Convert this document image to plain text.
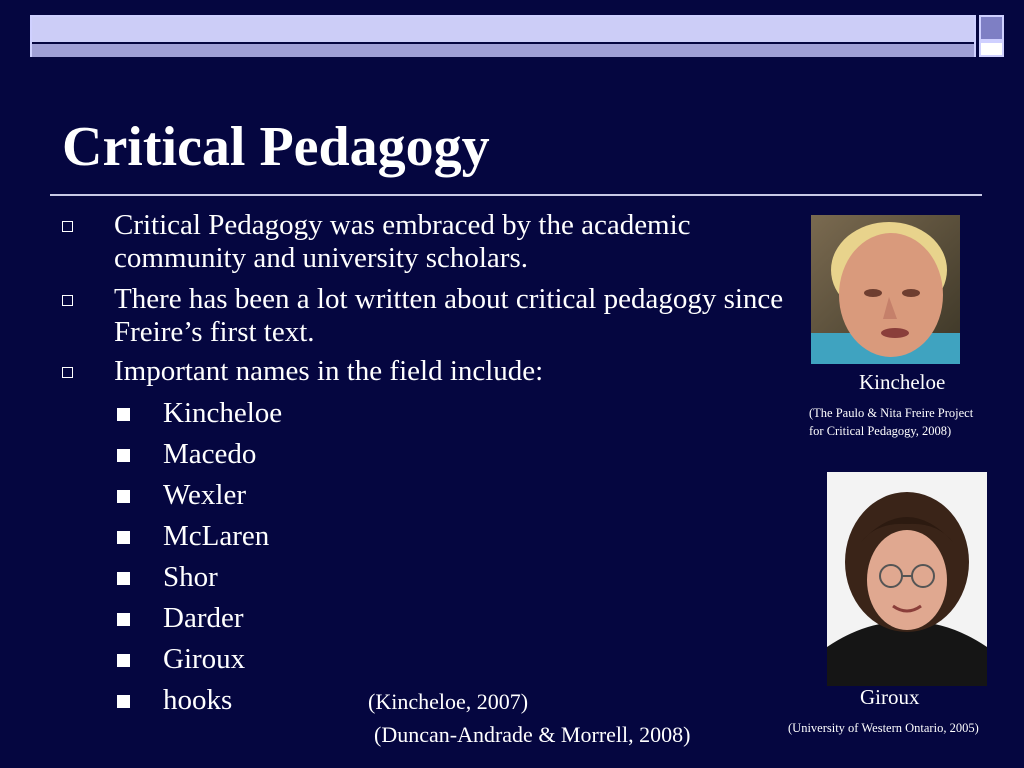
Critical Pedagogy
Critical Pedagogy was embraced by the academic community and university scholars.
There has been a lot written about critical pedagogy since Freire’s first text.
Important names in the field include:
Kincheloe
Macedo
Wexler
McLaren
Shor
Darder
Giroux
hooks	(Kincheloe, 2007)
(Duncan-Andrade & Morrell, 2008)
Kincheloe
(The Paulo & Nita Freire Project
for Critical Pedagogy, 2008)
Giroux
(University of Western Ontario, 2005)
